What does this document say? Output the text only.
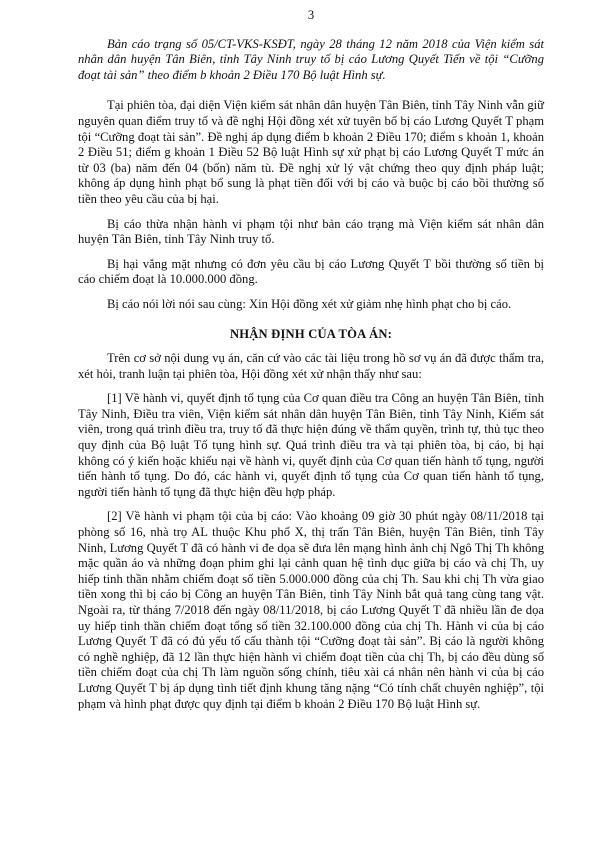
3

Bản cáo trạng số 05/CT-VKS-KSĐT, ngày 28 tháng 12 năm 2018 của Viện kiểm sát nhân dân huyện Tân Biên, tỉnh Tây Ninh truy tố bị cáo Lương Quyết Tiến về tội “Cưỡng đoạt tài sản” theo điểm b khoản 2 Điều 170 Bộ luật Hình sự.

Tại phiên tòa, đại diện Viện kiểm sát nhân dân huyện Tân Biên, tỉnh Tây Ninh vẫn giữ nguyên quan điểm truy tố và đề nghị Hội đồng xét xử tuyên bố bị cáo Lương Quyết T phạm tội “Cưỡng đoạt tài sản”. Đề nghị áp dụng điểm b khoản 2 Điều 170; điểm s khoản 1, khoản 2 Điều 51; điểm g khoản 1 Điều 52 Bộ luật Hình sự xử phạt bị cáo Lương Quyết T mức án từ 03 (ba) năm đến 04 (bốn) năm tù. Đề nghị xử lý vật chứng theo quy định pháp luật; không áp dụng hình phạt bổ sung là phạt tiền đối với bị cáo và buộc bị cáo bồi thường số tiền theo yêu cầu của bị hại.

Bị cáo thừa nhận hành vi phạm tội như bản cáo trạng mà Viện kiểm sát nhân dân huyện Tân Biên, tỉnh Tây Ninh truy tố.

Bị hại vắng mặt nhưng có đơn yêu cầu bị cáo Lương Quyết T bồi thường số tiền bị cáo chiếm đoạt là 10.000.000 đồng.

Bị cáo nói lời nói sau cùng: Xin Hội đồng xét xử giảm nhẹ hình phạt cho bị cáo.

NHẬN ĐỊNH CỦA TÒA ÁN:

Trên cơ sở nội dung vụ án, căn cứ vào các tài liệu trong hồ sơ vụ án đã được thẩm tra, xét hỏi, tranh luận tại phiên tòa, Hội đồng xét xử nhận thấy như sau:

[1] Về hành vi, quyết định tố tụng của Cơ quan điều tra Công an huyện Tân Biên, tỉnh Tây Ninh, Điều tra viên, Viện kiểm sát nhân dân huyện Tân Biên, tỉnh Tây Ninh, Kiểm sát viên, trong quá trình điều tra, truy tố đã thực hiện đúng về thẩm quyền, trình tự, thủ tục theo quy định của Bộ luật Tố tụng hình sự. Quá trình điều tra và tại phiên tòa, bị cáo, bị hại không có ý kiến hoặc khiếu nại về hành vi, quyết định của Cơ quan tiến hành tố tụng, người tiến hành tố tụng. Do đó, các hành vi, quyết định tố tụng của Cơ quan tiến hành tố tụng, người tiến hành tố tụng đã thực hiện đều hợp pháp.

[2] Về hành vi phạm tội của bị cáo: Vào khoảng 09 giờ 30 phút ngày 08/11/2018 tại phòng số 16, nhà trọ AL thuộc Khu phố X, thị trấn Tân Biên, huyện Tân Biên, tỉnh Tây Ninh, Lương Quyết T đã có hành vi đe dọa sẽ đưa lên mạng hình ảnh chị Ngô Thị Th không mặc quần áo và những đoạn phim ghi lại cảnh quan hệ tình dục giữa bị cáo và chị Th, uy hiếp tinh thần nhằm chiếm đoạt số tiền 5.000.000 đồng của chị Th. Sau khi chị Th vừa giao tiền xong thì bị cáo bị Công an huyện Tân Biên, tỉnh Tây Ninh bắt quả tang cùng tang vật. Ngoài ra, từ tháng 7/2018 đến ngày 08/11/2018, bị cáo Lương Quyết T đã nhiều lần đe dọa uy hiếp tinh thần chiếm đoạt tổng số tiền 32.100.000 đồng của chị Th. Hành vi của bị cáo Lương Quyết T đã có đủ yếu tố cấu thành tội “Cưỡng đoạt tài sản”. Bị cáo là người không có nghề nghiệp, đã 12 lần thực hiện hành vi chiếm đoạt tiền của chị Th, bị cáo đều dùng số tiền chiếm đoạt của chị Th làm nguồn sống chính, tiêu xài cá nhân nên hành vi của bị cáo Lương Quyết T bị áp dụng tình tiết định khung tăng nặng “Có tính chất chuyên nghiệp”, tội phạm và hình phạt được quy định tại điểm b khoản 2 Điều 170 Bộ luật Hình sự.
